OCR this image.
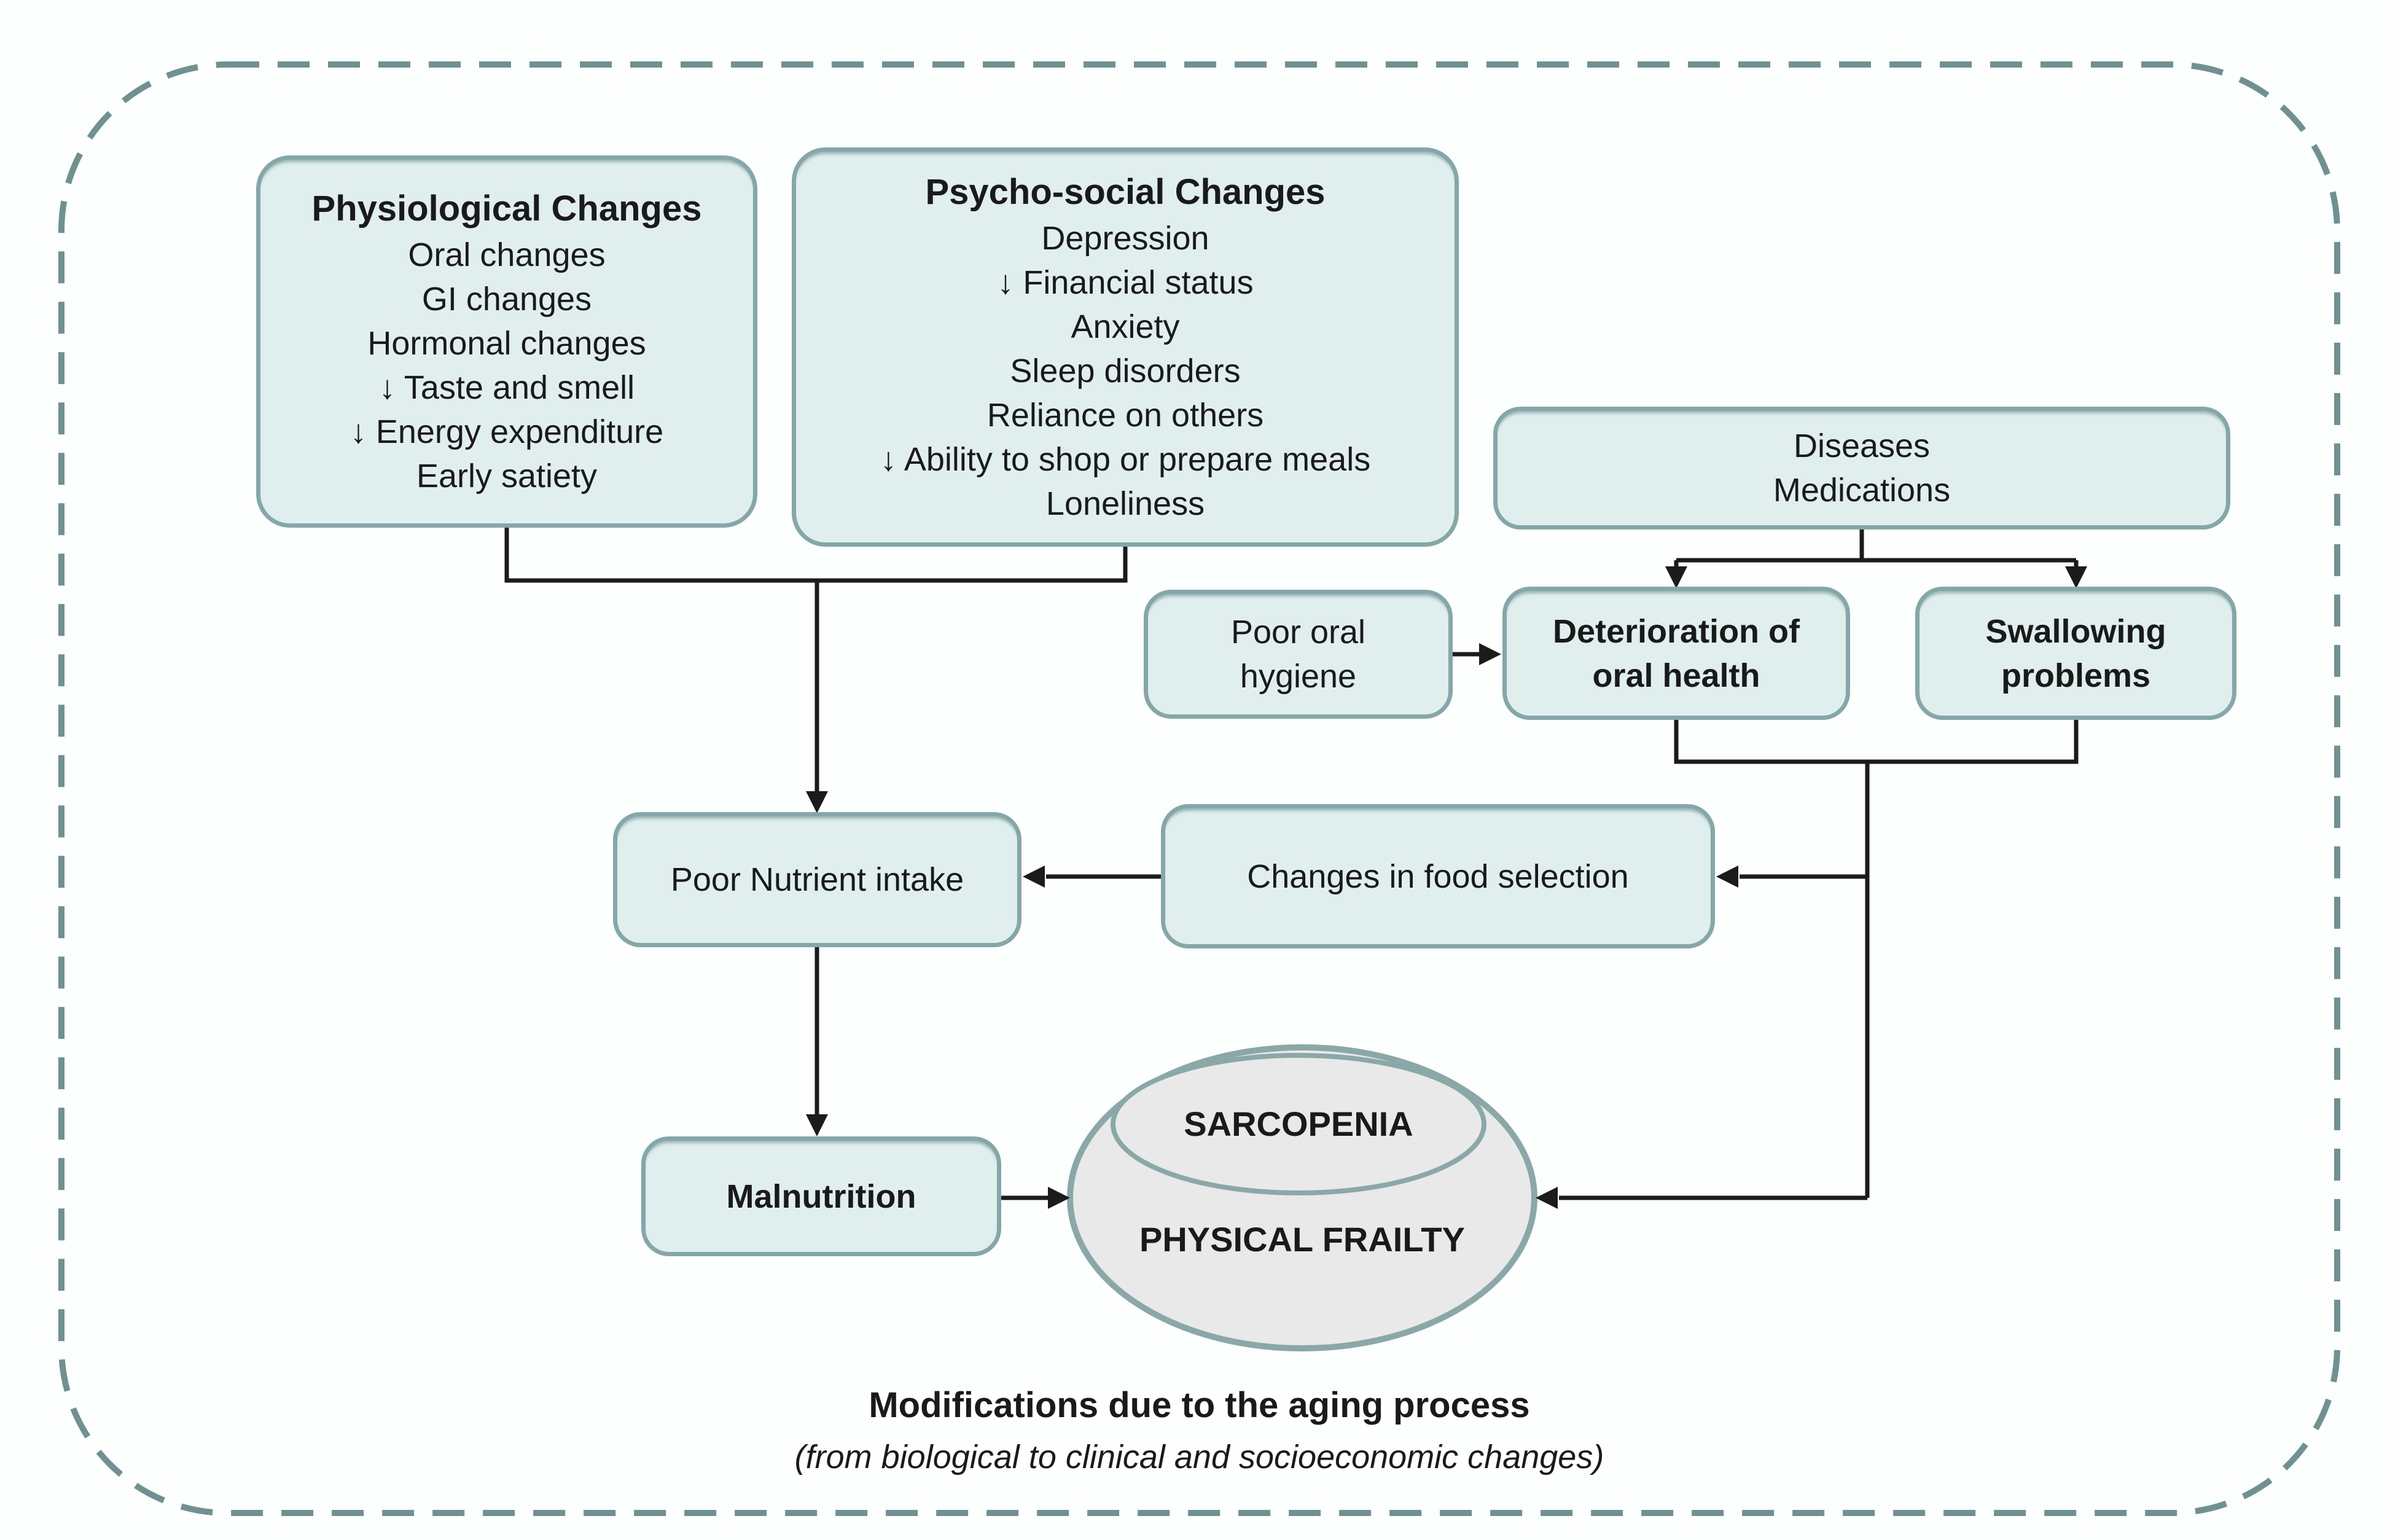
Physiological Changes
Oral changes
GI changes
Hormonal changes
↓ Taste and smell
↓ Energy expenditure
Early satiety
Psycho-social Changes
Depression
↓ Financial status
Anxiety
Sleep disorders
Reliance on others
↓ Ability to shop or prepare meals
Loneliness
Diseases
Medications
Poor oral
hygiene
Deterioration of
oral health
Swallowing
problems
Poor Nutrient intake	Changes in food selection
Malnutrition
SARCOPENIA
PHYSICAL FRAILTY
Modifications due to the aging process
(from biological to clinical and socioeconomic changes)
